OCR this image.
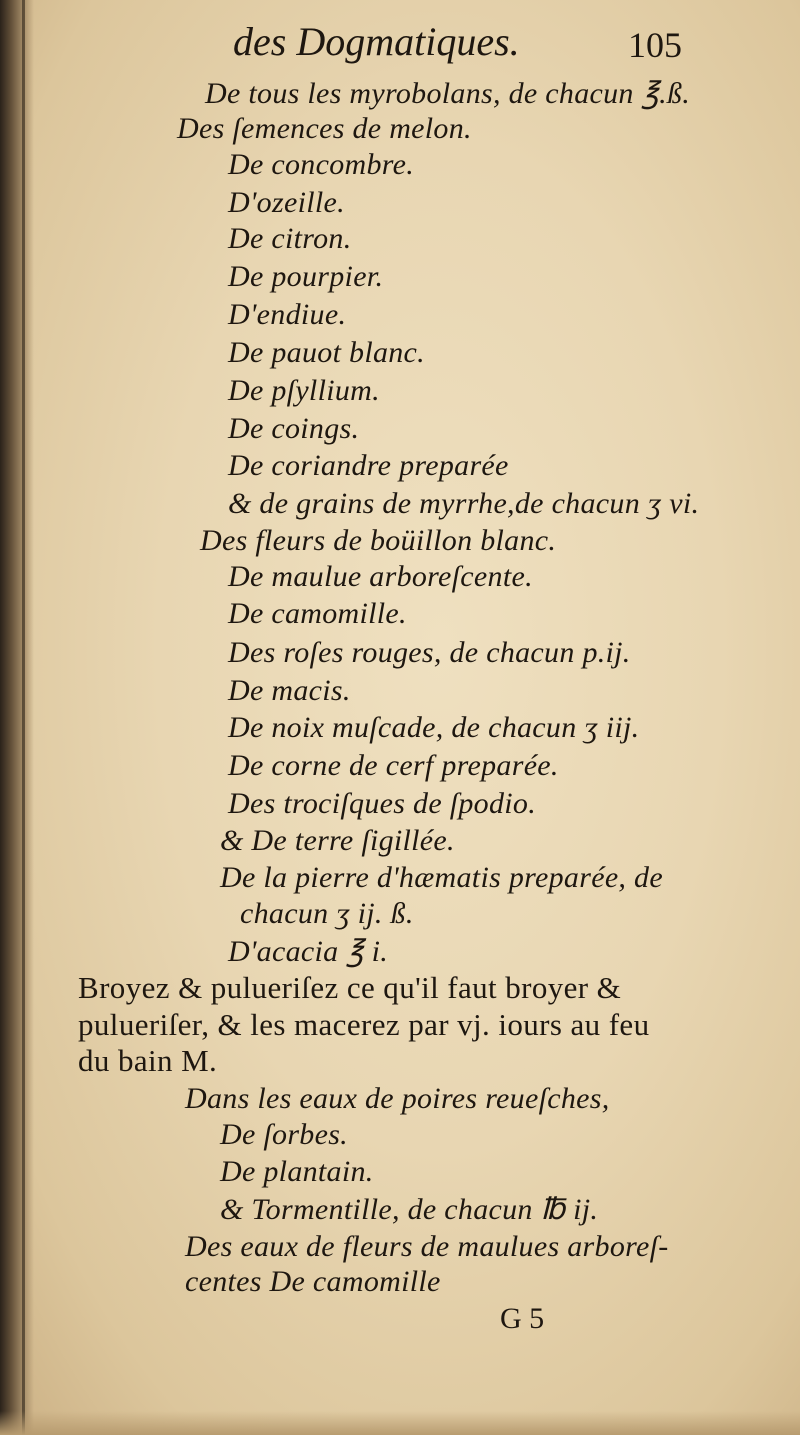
des Dogmatiques.	105
De tous les myrobolans, de chacun ℥.ß.
Des ſemences de melon.
De concombre.
D'ozeille.
De citron.
De pourpier.
D'endiue.
De pauot blanc.
De pſyllium.
De coings.
De coriandre preparée
& de grains de myrrhe,de chacun ʒ vi.
Des fleurs de boüillon blanc.
De maulue arboreſcente.
De camomille.
Des roſes rouges, de chacun p.ij.
De macis.
De noix muſcade, de chacun ʒ iij.
De corne de cerf preparée.
Des trociſques de ſpodio.
& De terre ſigillée.
De la pierre d'hæmatis preparée, de
chacun ʒ ij. ß.
D'acacia ℥ i.
Broyez & pulueriſez ce qu'il faut broyer &
pulueriſer, & les macerez par vj. iours au feu
du bain M.
Dans les eaux de poires reueſches,
De ſorbes.
De plantain.
& Tormentille, de chacun ℔ ij.
Des eaux de fleurs de maulues arboreſ-
centes De camomille
G 5
